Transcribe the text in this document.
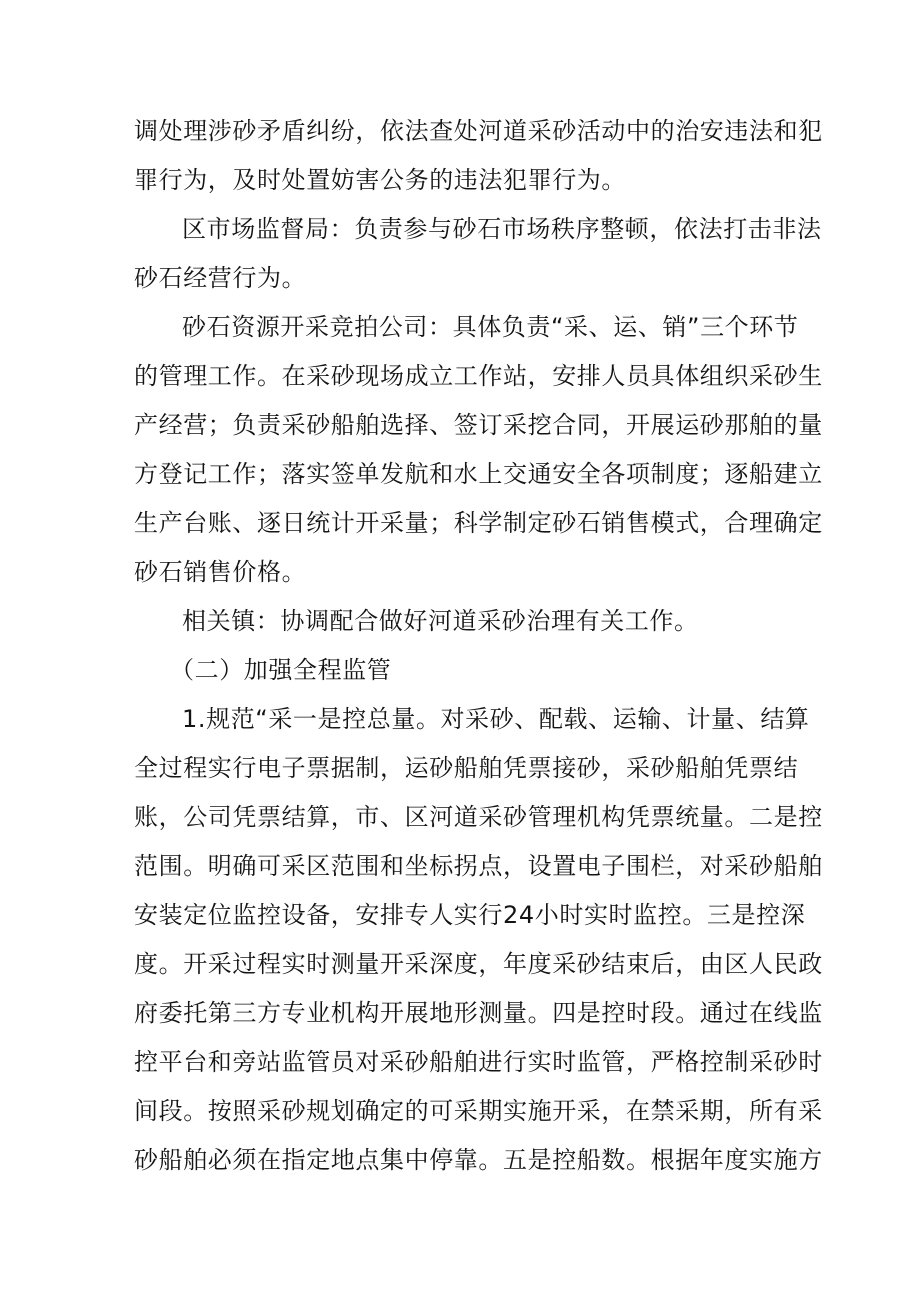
调处理涉砂矛盾纠纷，依法查处河道采砂活动中的治安违法和犯
罪行为，及时处置妨害公务的违法犯罪行为。
区市场监督局：负责参与砂石市场秩序整顿，依法打击非法
砂石经营行为。
砂石资源开采竞拍公司：具体负责“采、运、销”三个环节
的管理工作。在采砂现场成立工作站，安排人员具体组织采砂生
产经营；负责采砂船舶选择、签订采挖合同，开展运砂那舶的量
方登记工作；落实签单发航和水上交通安全各项制度；逐船建立
生产台账、逐日统计开采量；科学制定砂石销售模式，合理确定
砂石销售价格。
相关镇：协调配合做好河道采砂治理有关工作。
（二）加强全程监管
1.规范“采一是控总量。对采砂、配载、运输、计量、结算
全过程实行电子票据制，运砂船舶凭票接砂，采砂船舶凭票结
账，公司凭票结算，市、区河道采砂管理机构凭票统量。二是控
范围。明确可采区范围和坐标拐点，设置电子围栏，对采砂船舶
安装定位监控设备，安排专人实行24小时实时监控。三是控深
度。开采过程实时测量开采深度，年度采砂结束后，由区人民政
府委托第三方专业机构开展地形测量。四是控时段。通过在线监
控平台和旁站监管员对采砂船舶进行实时监管，严格控制采砂时
间段。按照采砂规划确定的可采期实施开采，在禁采期，所有采
砂船舶必须在指定地点集中停靠。五是控船数。根据年度实施方
